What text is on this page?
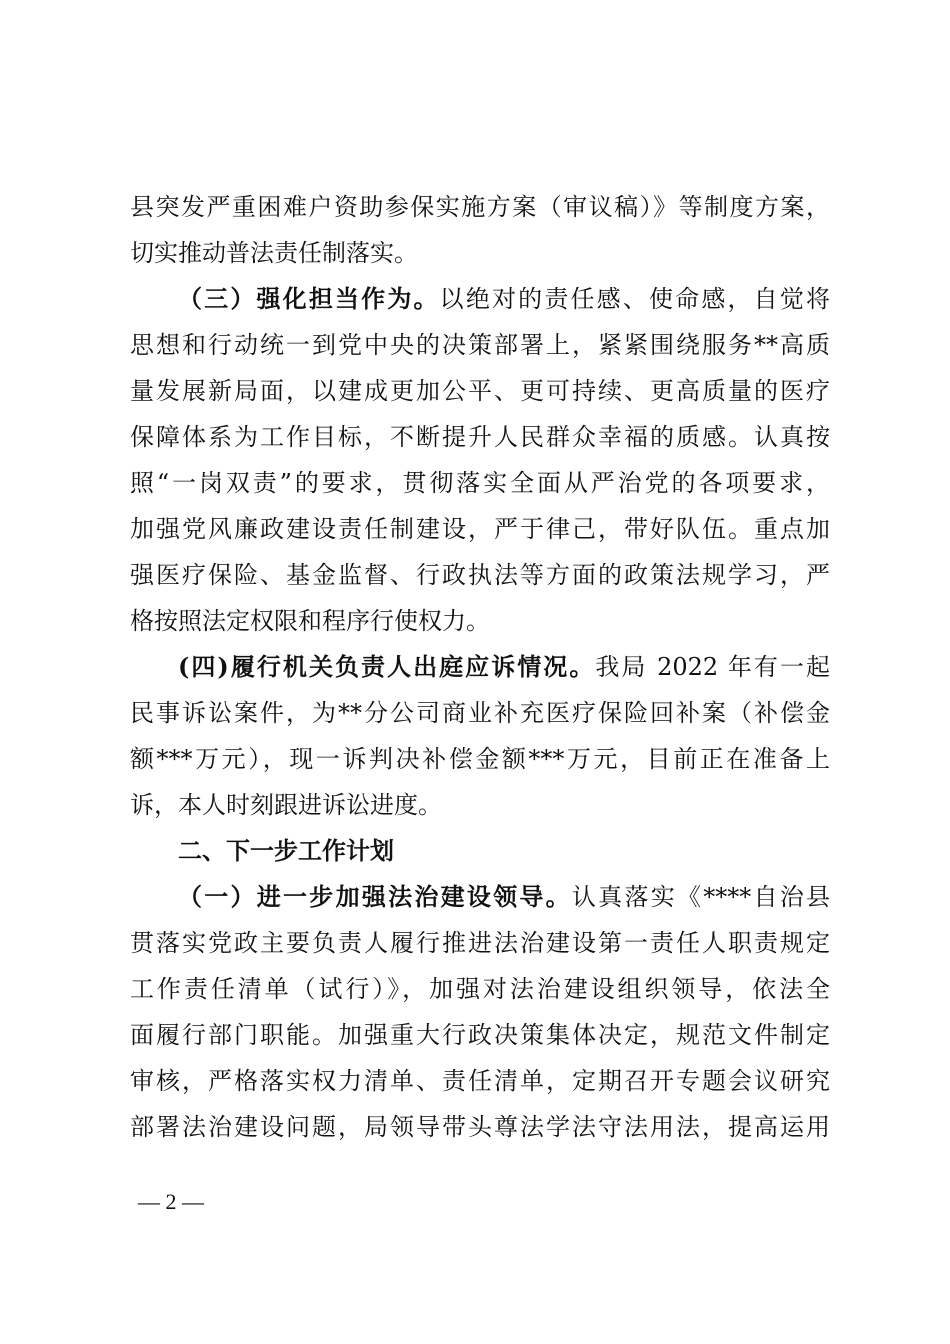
县突发严重困难户资助参保实施方案（审议稿）》等制度方案，
切实推动普法责任制落实。
（三）强化担当作为。以绝对的责任感、使命感，自觉将
思想和行动统一到党中央的决策部署上，紧紧围绕服务**高质
量发展新局面，以建成更加公平、更可持续、更高质量的医疗
保障体系为工作目标，不断提升人民群众幸福的质感。认真按
照“一岗双责”的要求，贯彻落实全面从严治党的各项要求，
加强党风廉政建设责任制建设，严于律己，带好队伍。重点加
强医疗保险、基金监督、行政执法等方面的政策法规学习，严
格按照法定权限和程序行使权力。
(四)履行机关负责人出庭应诉情况。我局 2022 年有一起
民事诉讼案件，为**分公司商业补充医疗保险回补案（补偿金
额***万元），现一诉判决补偿金额***万元，目前正在准备上
诉，本人时刻跟进诉讼进度。
二、下一步工作计划
（一）进一步加强法治建设领导。认真落实《****自治县
贯落实党政主要负责人履行推进法治建设第一责任人职责规定
工作责任清单（试行）》，加强对法治建设组织领导，依法全
面履行部门职能。加强重大行政决策集体决定，规范文件制定
审核，严格落实权力清单、责任清单，定期召开专题会议研究
部署法治建设问题，局领导带头尊法学法守法用法，提高运用
— 2 —
